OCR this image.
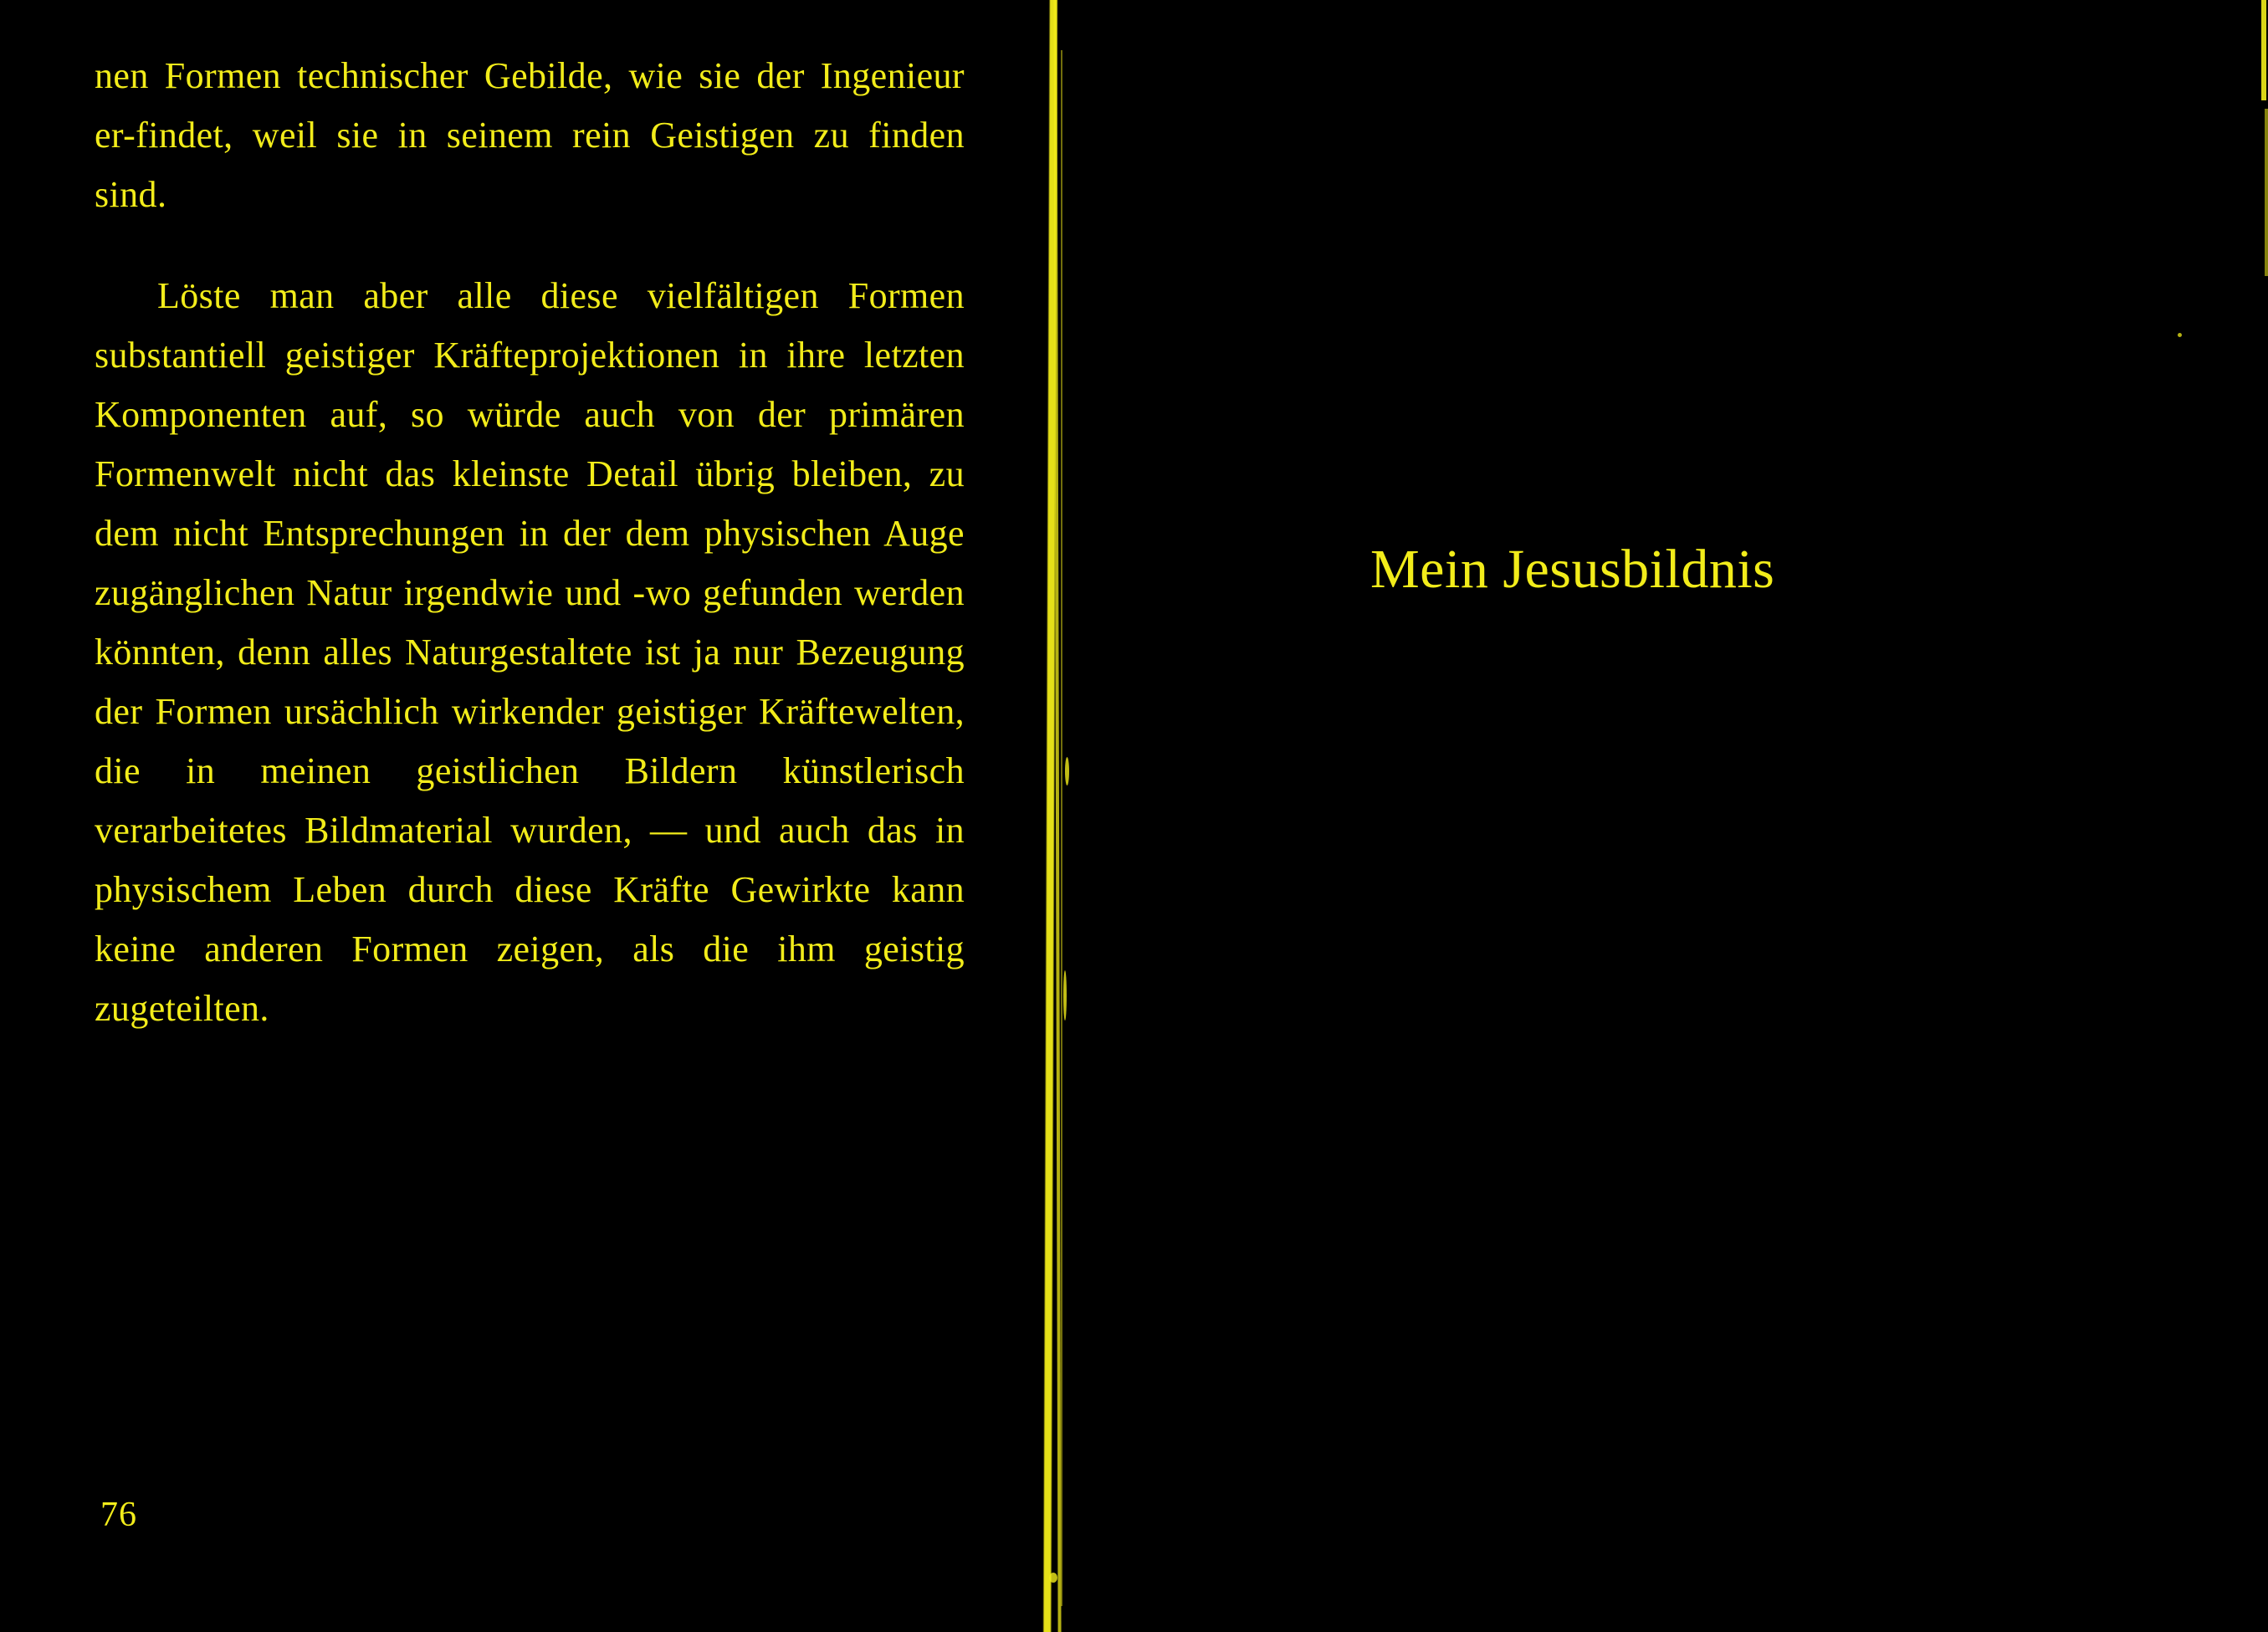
nen Formen technischer Gebilde, wie sie der Ingenieur er-findet, weil sie in seinem rein Geistigen zu finden sind.

Löste man aber alle diese vielfältigen Formen substantiell geistiger Kräfteprojektionen in ihre letzten Komponenten auf, so würde auch von der primären Formenwelt nicht das kleinste Detail übrig bleiben, zu dem nicht Entsprechungen in der dem physischen Auge zugänglichen Natur irgendwie und -wo gefunden werden könnten, denn alles Naturgestaltete ist ja nur Bezeugung der Formen ursächlich wirkender geistiger Kräftewelten, die in meinen geistlichen Bildern künstlerisch verarbeitetes Bildmaterial wurden, — und auch das in physischem Leben durch diese Kräfte Gewirkte kann keine anderen Formen zeigen, als die ihm geistig zugeteilten.

76
Mein Jesusbildnis
